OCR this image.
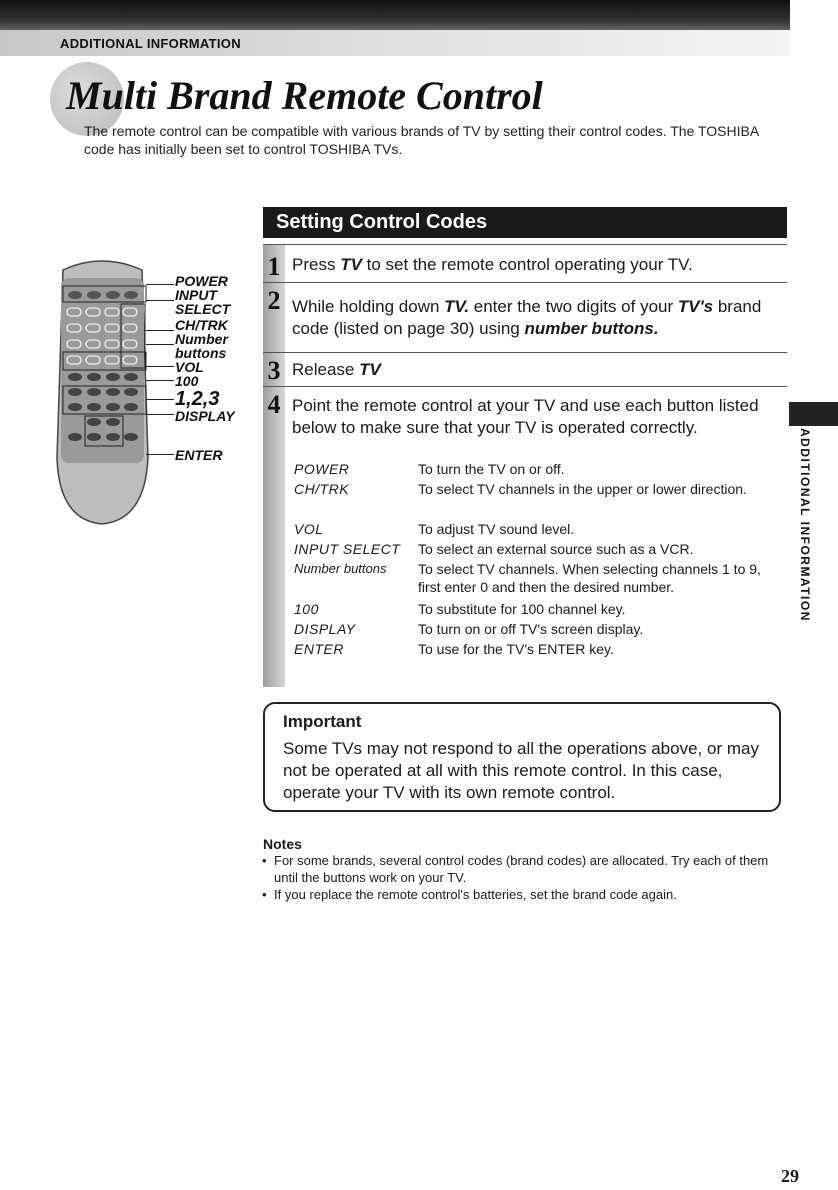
ADDITIONAL INFORMATION
Multi Brand Remote Control

The remote control can be compatible with various brands of TV by setting their control codes. The TOSHIBA code has initially been set to control TOSHIBA TVs.

POWER
INPUT
SELECT
CH/TRK
Number
buttons
VOL
100
1,2,3
DISPLAY
ENTER
Setting Control Codes
1 Press TV to set the remote control operating your TV.

2 While holding down TV. enter the two digits of your TV's brand code (listed on page 30) using number buttons.

3 Release TV

4 Point the remote control at your TV and use each button listed below to make sure that your TV is operated correctly.

POWER	To turn the TV on or off.
CH/TRK	To select TV channels in the upper or lower direction.
VOL	To adjust TV sound level.
INPUT SELECT To select an external source such as a VCR.
Number buttons To select TV channels. When selecting channels 1 to 9, first enter 0 and then the desired number.
100	To substitute for 100 channel key.
DISPLAY	To turn on or off TV's screen display.
ENTER	To use for the TV's ENTER key.
ADDITIONAL INFORMATION
Important

Some TVs may not respond to all the operations above, or may not be operated at all with this remote control. In this case, operate your TV with its own remote control.

Notes
• For some brands, several control codes (brand codes) are allocated. Try each of them until the buttons work on your TV.
• If you replace the remote control's batteries, set the brand code again.
29
